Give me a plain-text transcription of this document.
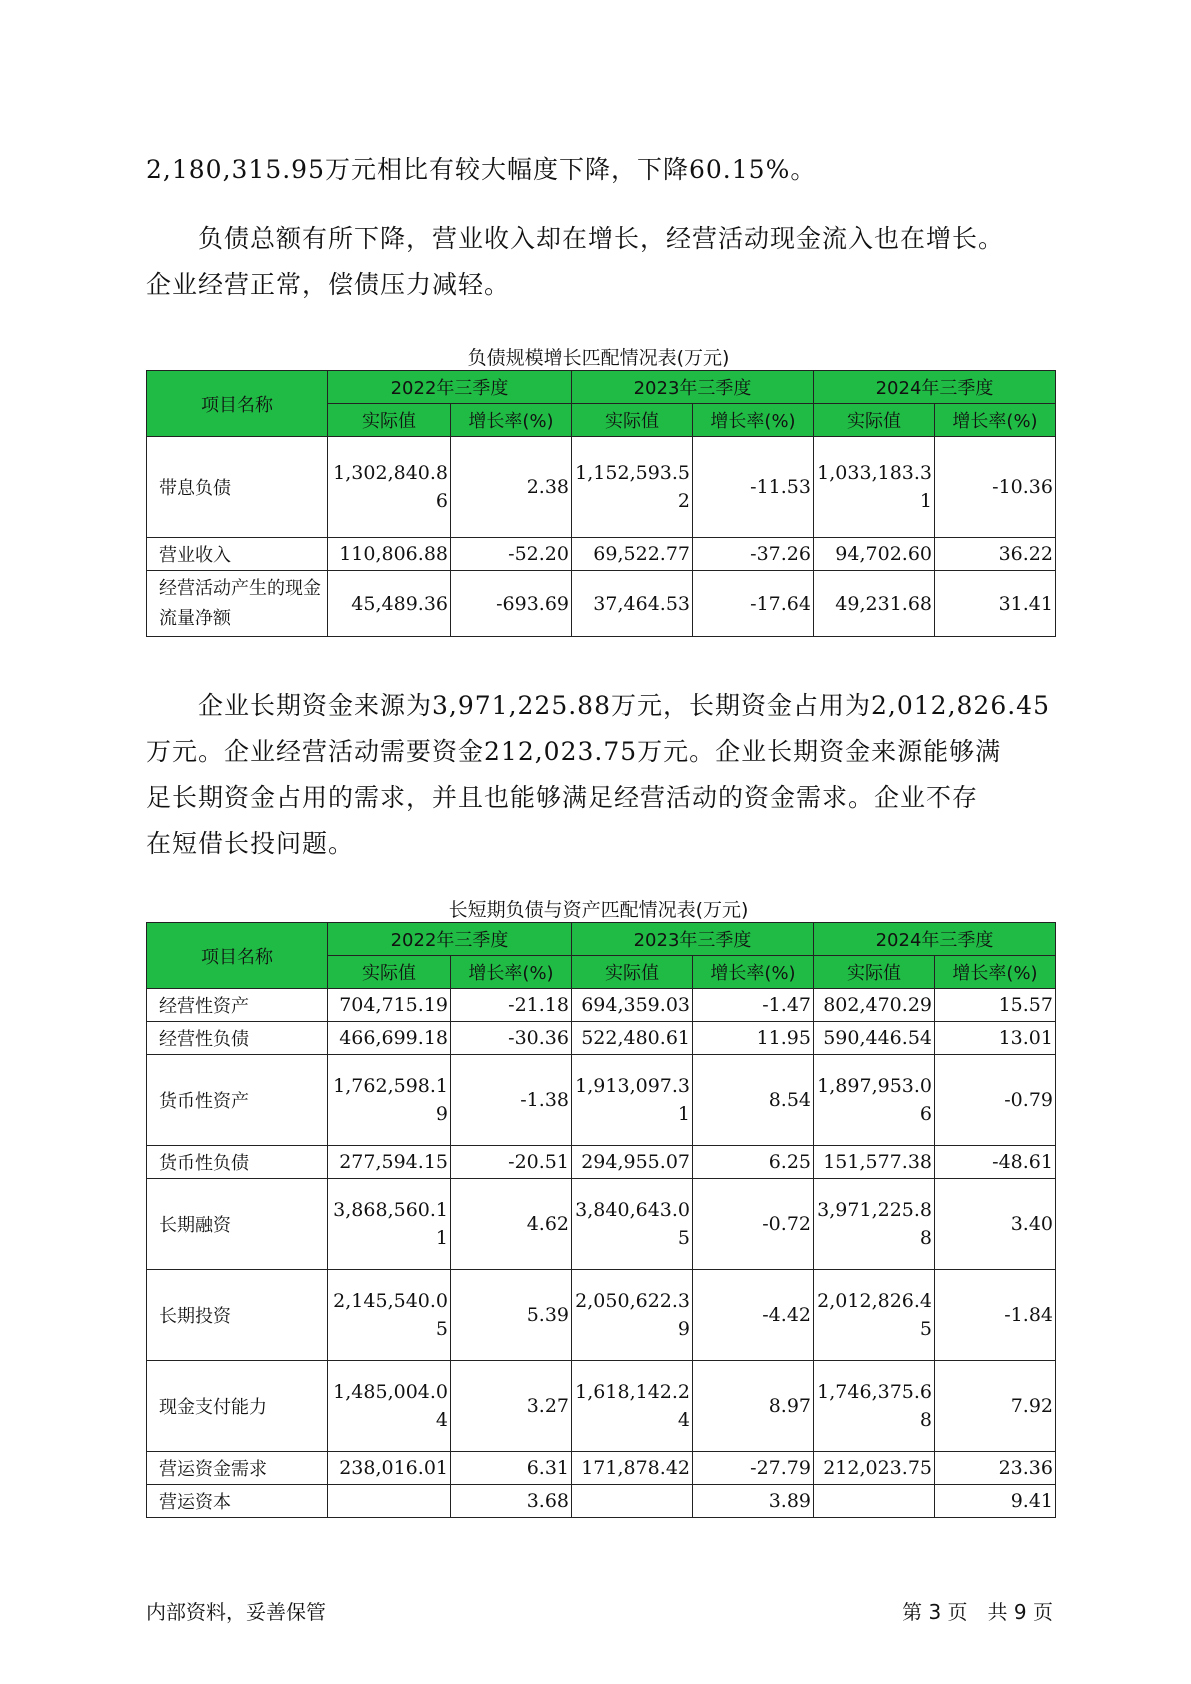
2,180,315.95万元相比有较大幅度下降，下降60.15%。

　　负债总额有所下降，营业收入却在增长，经营活动现金流入也在增长。
企业经营正常，偿债压力减轻。

负债规模增长匹配情况表(万元)
项目名称	2022年三季度		2023年三季度		2024年三季度	
	实际值	增长率(%)	实际值	增长率(%)	实际值	增长率(%)
带息负债	1,302,840.86	2.38	1,152,593.52	-11.53	1,033,183.31	-10.36
营业收入	110,806.88	-52.20	69,522.77	-37.26	94,702.60	36.22
经营活动产生的现金流量净额	45,489.36	-693.69	37,464.53	-17.64	49,231.68	31.41

　　企业长期资金来源为3,971,225.88万元，长期资金占用为2,012,826.45
万元。企业经营活动需要资金212,023.75万元。企业长期资金来源能够满
足长期资金占用的需求，并且也能够满足经营活动的资金需求。企业不存
在短借长投问题。

长短期负债与资产匹配情况表(万元)
项目名称	2022年三季度		2023年三季度		2024年三季度	
	实际值	增长率(%)	实际值	增长率(%)	实际值	增长率(%)
经营性资产	704,715.19	-21.18	694,359.03	-1.47	802,470.29	15.57
经营性负债	466,699.18	-30.36	522,480.61	11.95	590,446.54	13.01
货币性资产	1,762,598.19	-1.38	1,913,097.31	8.54	1,897,953.06	-0.79
货币性负债	277,594.15	-20.51	294,955.07	6.25	151,577.38	-48.61
长期融资	3,868,560.11	4.62	3,840,643.05	-0.72	3,971,225.88	3.40
长期投资	2,145,540.05	5.39	2,050,622.39	-4.42	2,012,826.45	-1.84
现金支付能力	1,485,004.04	3.27	1,618,142.24	8.97	1,746,375.68	7.92
营运资金需求	238,016.01	6.31	171,878.42	-27.79	212,023.75	23.36
营运资本		3.68		3.89		9.41
内部资料，妥善保管	第 3 页　共 9 页
